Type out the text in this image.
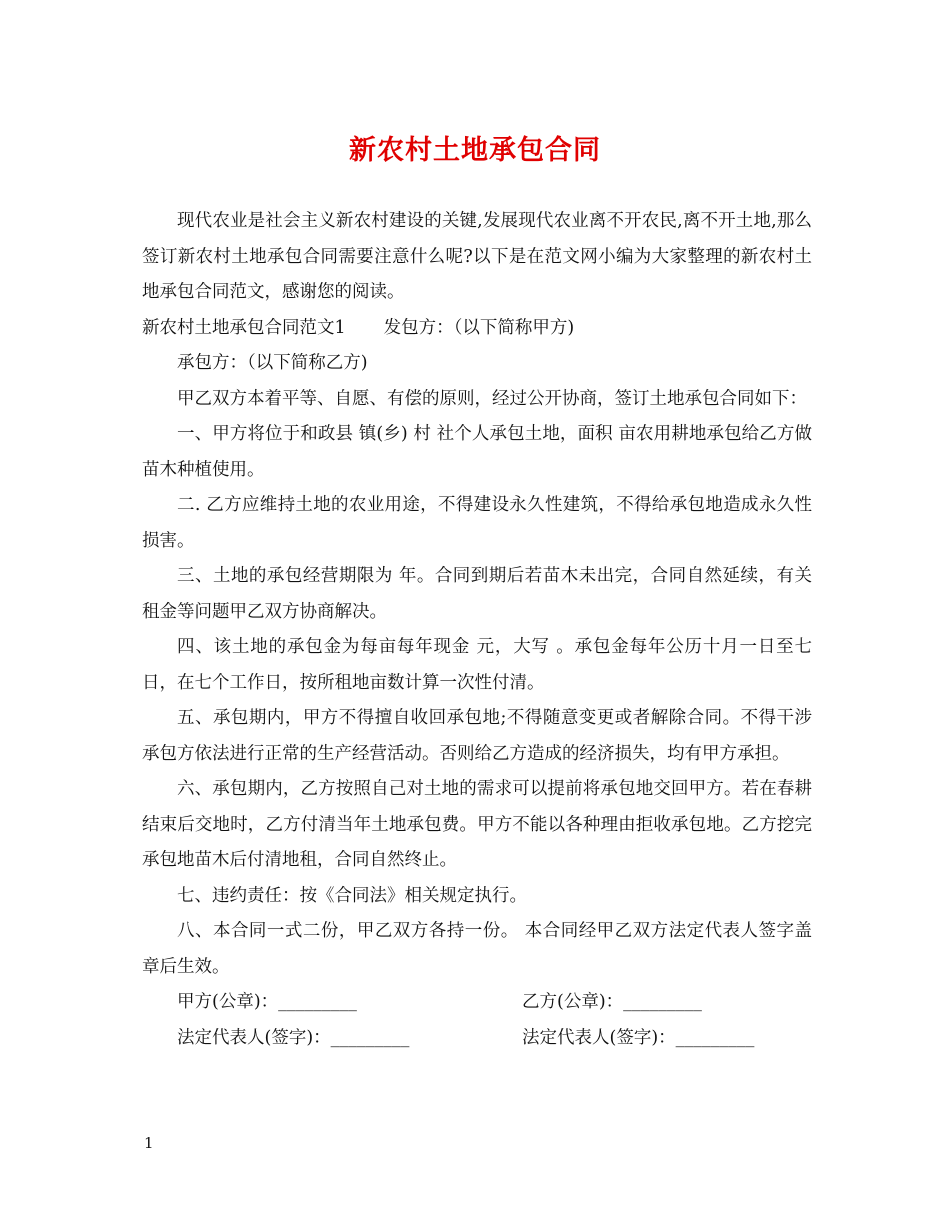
新农村土地承包合同

现代农业是社会主义新农村建设的关键,发展现代农业离不开农民,离不开土地,那么签订新农村土地承包合同需要注意什么呢?以下是在范文网小编为大家整理的新农村土地承包合同范文，感谢您的阅读。

新农村土地承包合同范文1 发包方：（以下简称甲方)

承包方：（以下简称乙方)

甲乙双方本着平等、自愿、有偿的原则，经过公开协商，签订土地承包合同如下：

一、甲方将位于和政县 镇(乡) 村 社个人承包土地，面积 亩农用耕地承包给乙方做苗木种植使用。

二. 乙方应维持土地的农业用途，不得建设永久性建筑，不得给承包地造成永久性损害。

三、土地的承包经营期限为 年。合同到期后若苗木未出完，合同自然延续，有关租金等问题甲乙双方协商解决。

四、该土地的承包金为每亩每年现金 元，大写 。承包金每年公历十月一日至七日，在七个工作日，按所租地亩数计算一次性付清。

五、承包期内，甲方不得擅自收回承包地;不得随意变更或者解除合同。不得干涉承包方依法进行正常的生产经营活动。否则给乙方造成的经济损失，均有甲方承担。

六、承包期内，乙方按照自己对土地的需求可以提前将承包地交回甲方。若在春耕结束后交地时，乙方付清当年土地承包费。甲方不能以各种理由拒收承包地。乙方挖完承包地苗木后付清地租，合同自然终止。

七、违约责任：按《合同法》相关规定执行。

八、本合同一式二份，甲乙双方各持一份。 本合同经甲乙双方法定代表人签字盖章后生效。

甲方(公章)：_________	乙方(公章)：_________
法定代表人(签字)：_________	法定代表人(签字)：_________
1
